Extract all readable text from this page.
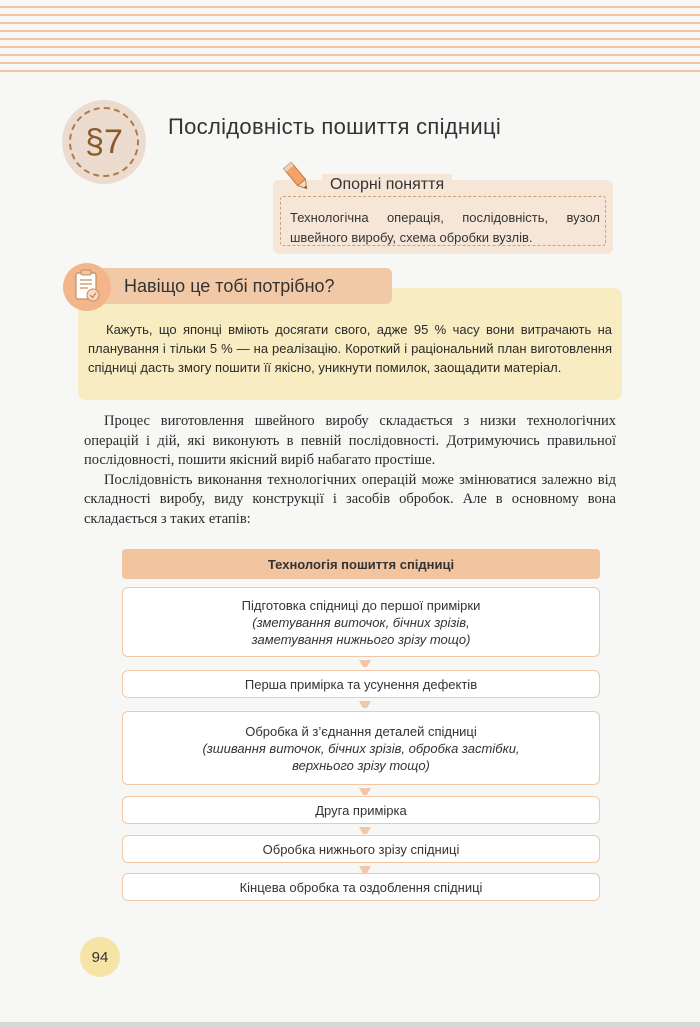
§7	Послідовність пошиття спідниці
Опорні поняття
Технологічна операція, послідовність, вузол швейного виробу, схема обробки вузлів.
Навіщо це тобі потрібно?
Кажуть, що японці вміють досягати свого, адже 95 % часу вони витрачають на планування і тільки 5 % — на реалізацію. Короткий і раціональний план виготовлення спідниці дасть змогу пошити її якісно, уникнути помилок, заощадити матеріал.

Процес виготовлення швейного виробу складається з низки технологічних операцій і дій, які виконують в певній послідовності. Дотримуючись правильної послідовності, пошити якісний виріб набагато простіше.

Послідовність виконання технологічних операцій може змінюватися залежно від складності виробу, виду конструкції і засобів обробок. Але в основному вона складається з таких етапів:

Технологія пошиття спідниці
Підготовка спідниці до першої примірки
(зметування виточок, бічних зрізів,
заметування нижнього зрізу тощо)
Перша примірка та усунення дефектів
Обробка й з’єднання деталей спідниці
(зшивання виточок, бічних зрізів, обробка застібки,
верхнього зрізу тощо)
Друга примірка
Обробка нижнього зрізу спідниці
Кінцева обробка та оздоблення спідниці
94
